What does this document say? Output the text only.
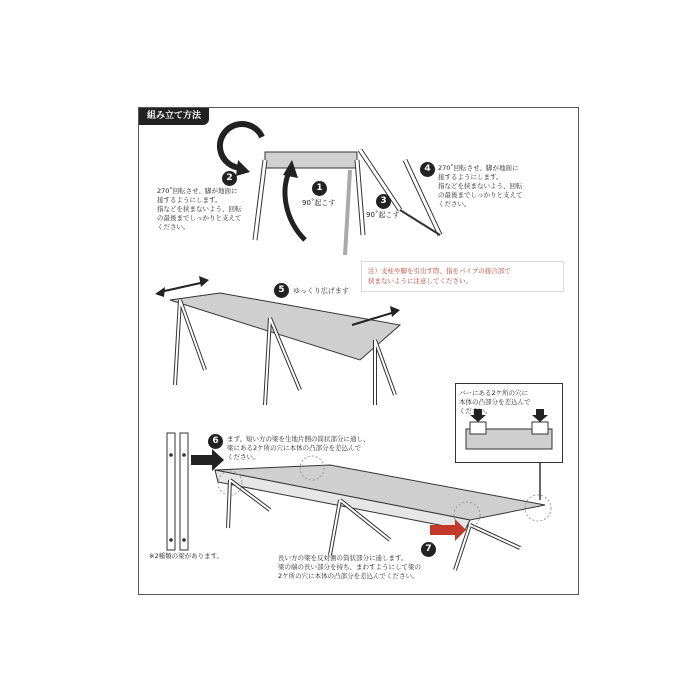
組み立て方法
バーにある2ケ所の穴に
本体の凸部分を差込んで
ください。
1
90˚起こす
2
3
90˚起こす
4
5	ゆっくり広げます
6
7
270˚回転させ、脚が地面に
接するようにします。
指などを挟まないよう、回転
の最後までしっかりと支えて
ください。
270˚回転させ、脚が地面に
接するようにします。
指などを挟まないよう、回転
の最後までしっかりと支えて
ください。
注）支柱や脚を引出す際、指をパイプの接合部で
挟まないように注意してください。
まず、短い方の梁を生地片側の筒状部分に通し、
梁にある2ケ所の穴に本体の凸部分を差込んで
ください。
※2種類の梁があります。	長い方の梁を反対側の筒状部分に通します。
梁の端の長い部分を持ち、まわすようにして梁の
2ケ所の穴に本体の凸部分を差込んでください。
